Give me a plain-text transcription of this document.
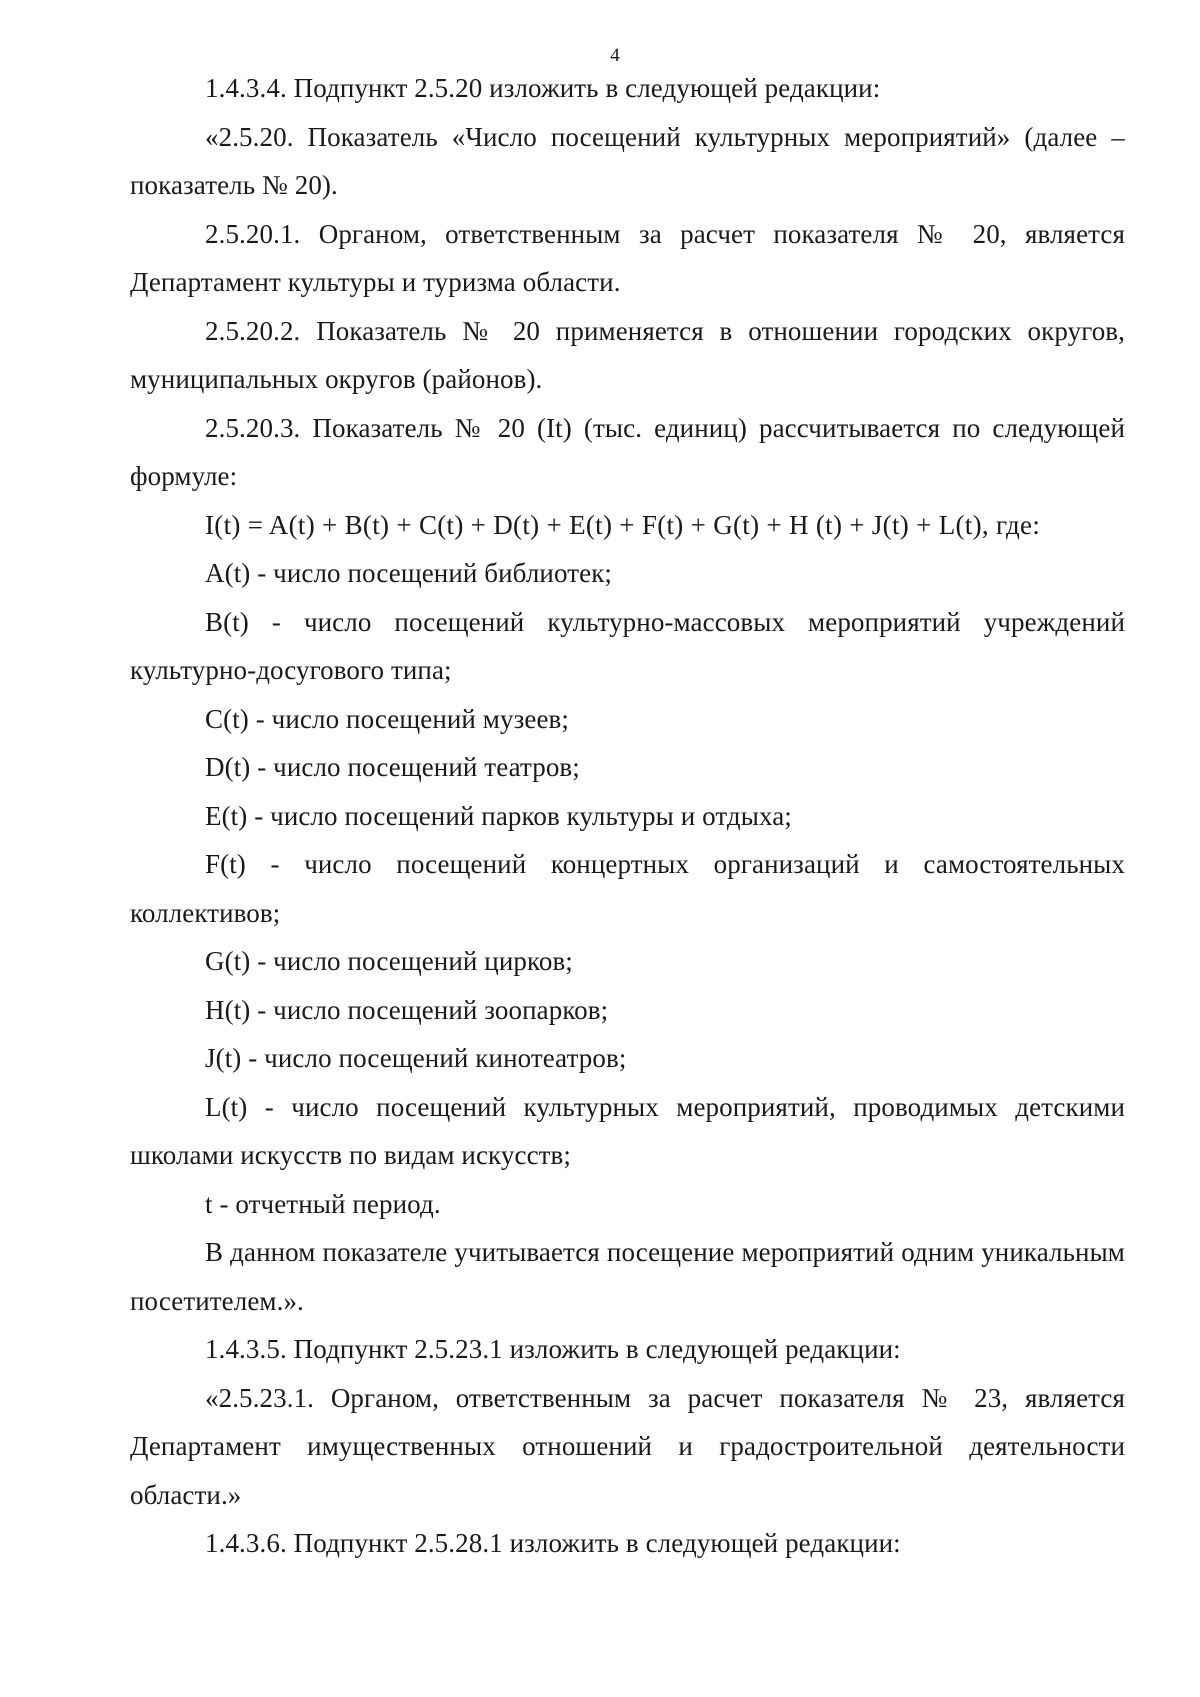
4

1.4.3.4. Подпункт 2.5.20 изложить в следующей редакции:

«2.5.20. Показатель «Число посещений культурных мероприятий» (далее – показатель № 20).

2.5.20.1. Органом, ответственным за расчет показателя № 20, является Департамент культуры и туризма области.

2.5.20.2. Показатель № 20 применяется в отношении городских округов, муниципальных округов (районов).

2.5.20.3. Показатель № 20 (It) (тыс. единиц) рассчитывается по следующей формуле:

I(t) = A(t) + B(t) + C(t) + D(t) + E(t) + F(t) + G(t) + H (t) + J(t) + L(t), где:

A(t) - число посещений библиотек;

B(t) - число посещений культурно-массовых мероприятий учреждений культурно-досугового типа;

C(t) - число посещений музеев;

D(t) - число посещений театров;

E(t) - число посещений парков культуры и отдыха;

F(t) - число посещений концертных организаций и самостоятельных коллективов;

G(t) - число посещений цирков;

H(t) - число посещений зоопарков;

J(t) - число посещений кинотеатров;

L(t) - число посещений культурных мероприятий, проводимых детскими школами искусств по видам искусств;

t - отчетный период.

В данном показателе учитывается посещение мероприятий одним уникальным посетителем.».

1.4.3.5. Подпункт 2.5.23.1 изложить в следующей редакции:

«2.5.23.1. Органом, ответственным за расчет показателя № 23, является Департамент имущественных отношений и градостроительной деятельности области.»

1.4.3.6. Подпункт 2.5.28.1 изложить в следующей редакции:
